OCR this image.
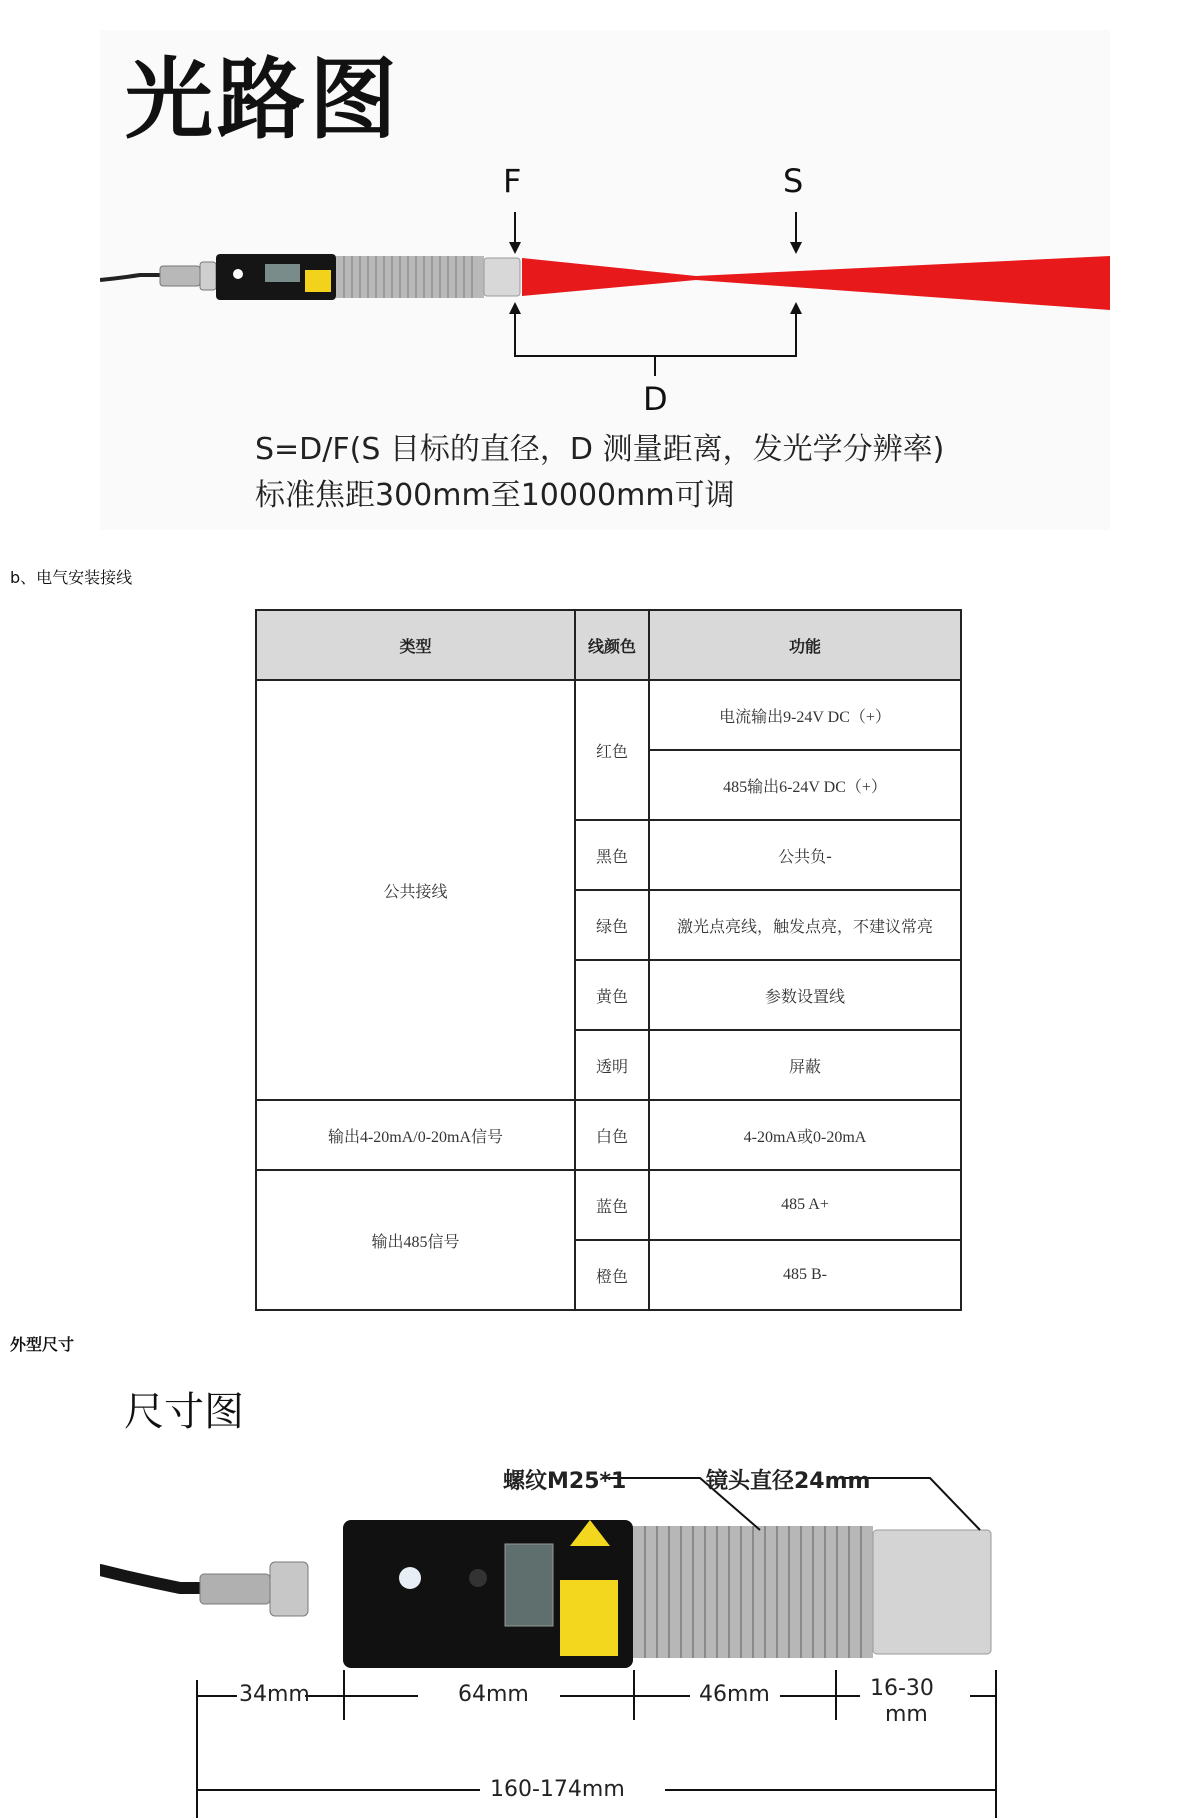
光路图
F	S
D
S=D/F(S 目标的直径，D 测量距离，发光学分辨率)
标准焦距300mm至10000mm可调
b、电气安装接线
类型	线颜色	功能
公共接线	红色	电流输出9-24V DC（+）
		485输出6-24V DC（+）
	黑色	公共负-
	绿色	激光点亮线，触发点亮，不建议常亮
	黄色	参数设置线
	透明	屏蔽
输出4-20mA/0-20mA信号	白色	4-20mA或0-20mA
输出485信号	蓝色	485 A+
	橙色	485 B-
外型尺寸
尺寸图
螺纹M25*1	镜头直径24mm
34mm	64mm	46mm	16-30
mm
160-174mm
